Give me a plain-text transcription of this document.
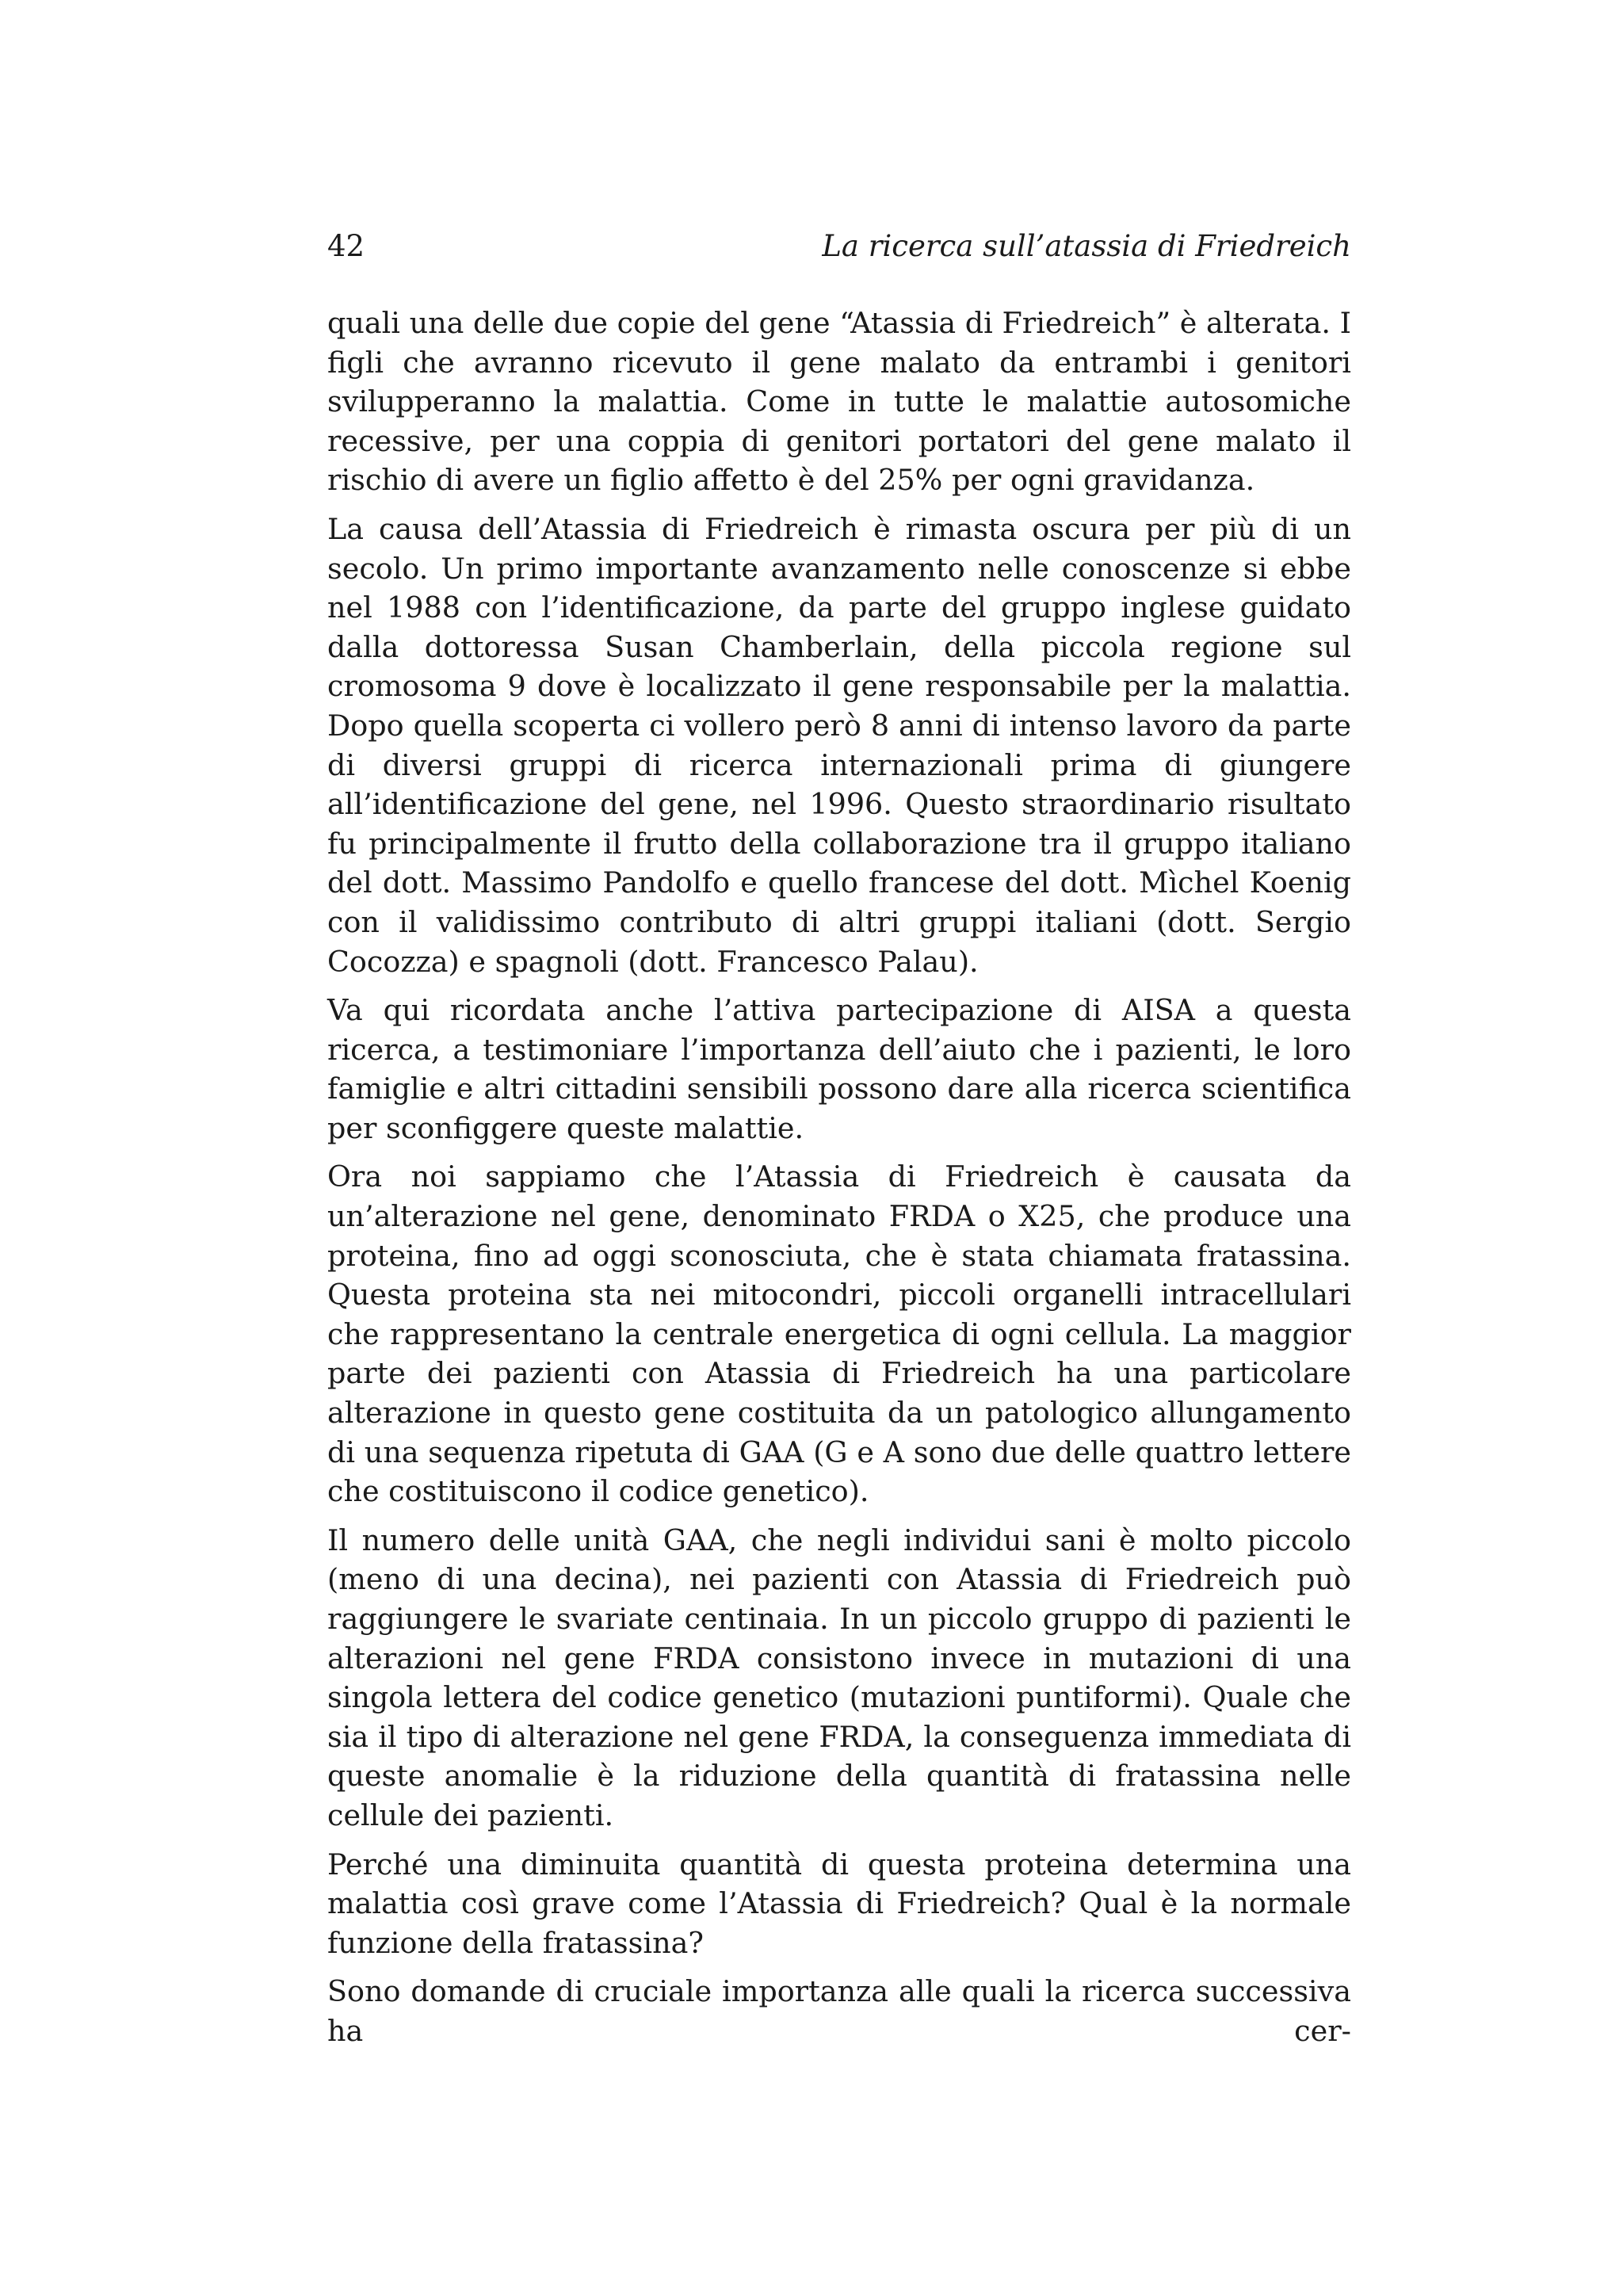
42	La ricerca sull’atassia di Friedreich

quali una delle due copie del gene “Atassia di Friedreich” è alterata. I figli che avranno ricevuto il gene malato da entrambi i genitori svilupperanno la malattia. Come in tutte le malattie autosomiche recessive, per una coppia di genitori portatori del gene malato il rischio di avere un figlio affetto è del 25% per ogni gravidanza.

La causa dell’Atassia di Friedreich è rimasta oscura per più di un secolo. Un primo importante avanzamento nelle conoscenze si ebbe nel 1988 con l’identificazione, da parte del gruppo inglese guidato dalla dottoressa Susan Chamberlain, della piccola regione sul cromosoma 9 dove è localizzato il gene responsabile per la malattia. Dopo quella scoperta ci vollero però 8 anni di intenso lavoro da parte di diversi gruppi di ricerca internazionali prima di giungere all’identificazione del gene, nel 1996. Questo straordinario risultato fu principalmente il frutto della collaborazione tra il gruppo italiano del dott. Massimo Pandolfo e quello francese del dott. Mìchel Koenig con il validissimo contributo di altri gruppi italiani (dott. Sergio Cocozza) e spagnoli (dott. Francesco Palau).

Va qui ricordata anche l’attiva partecipazione di AISA a questa ricerca, a testimoniare l’importanza dell’aiuto che i pazienti, le loro famiglie e altri cittadini sensibili possono dare alla ricerca scientifica per sconfiggere queste malattie.

Ora noi sappiamo che l’Atassia di Friedreich è causata da un’alterazione nel gene, denominato FRDA o X25, che produce una proteina, fino ad oggi sconosciuta, che è stata chiamata fratassina. Questa proteina sta nei mitocondri, piccoli organelli intracellulari che rappresentano la centrale energetica di ogni cellula. La maggior parte dei pazienti con Atassia di Friedreich ha una particolare alterazione in questo gene costituita da un patologico allungamento di una sequenza ripetuta di GAA (G e A sono due delle quattro lettere che costituiscono il codice genetico).

Il numero delle unità GAA, che negli individui sani è molto piccolo (meno di una decina), nei pazienti con Atassia di Friedreich può raggiungere le svariate centinaia. In un piccolo gruppo di pazienti le alterazioni nel gene FRDA consistono invece in mutazioni di una singola lettera del codice genetico (mutazioni puntiformi). Quale che sia il tipo di alterazione nel gene FRDA, la conseguenza immediata di queste anomalie è la riduzione della quantità di fratassina nelle cellule dei pazienti.

Perché una diminuita quantità di questa proteina determina una malattia così grave come l’Atassia di Friedreich? Qual è la normale funzione della fratassina?

Sono domande di cruciale importanza alle quali la ricerca successiva ha cer-
